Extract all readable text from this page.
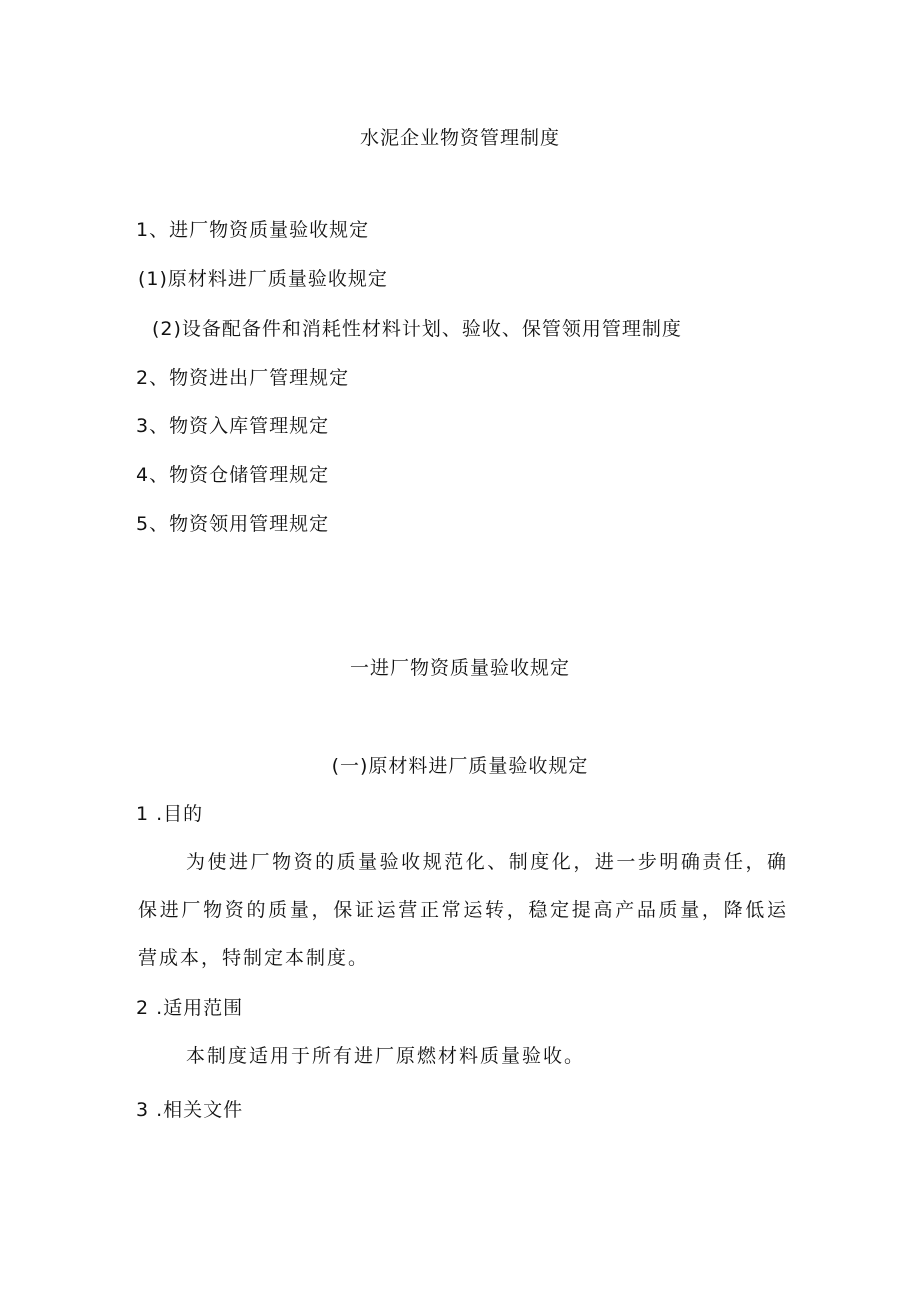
水泥企业物资管理制度
1、进厂物资质量验收规定
(1)原材料进厂质量验收规定
(2)设备配备件和消耗性材料计划、验收、保管领用管理制度
2、物资进出厂管理规定
3、物资入库管理规定
4、物资仓储管理规定
5、物资领用管理规定
一进厂物资质量验收规定
(一)原材料进厂质量验收规定
1 .目的
为使进厂物资的质量验收规范化、制度化，进一步明确责任，确保进厂物资的质量，保证运营正常运转，稳定提高产品质量，降低运营成本，特制定本制度。
2 .适用范围
本制度适用于所有进厂原燃材料质量验收。
3 .相关文件
